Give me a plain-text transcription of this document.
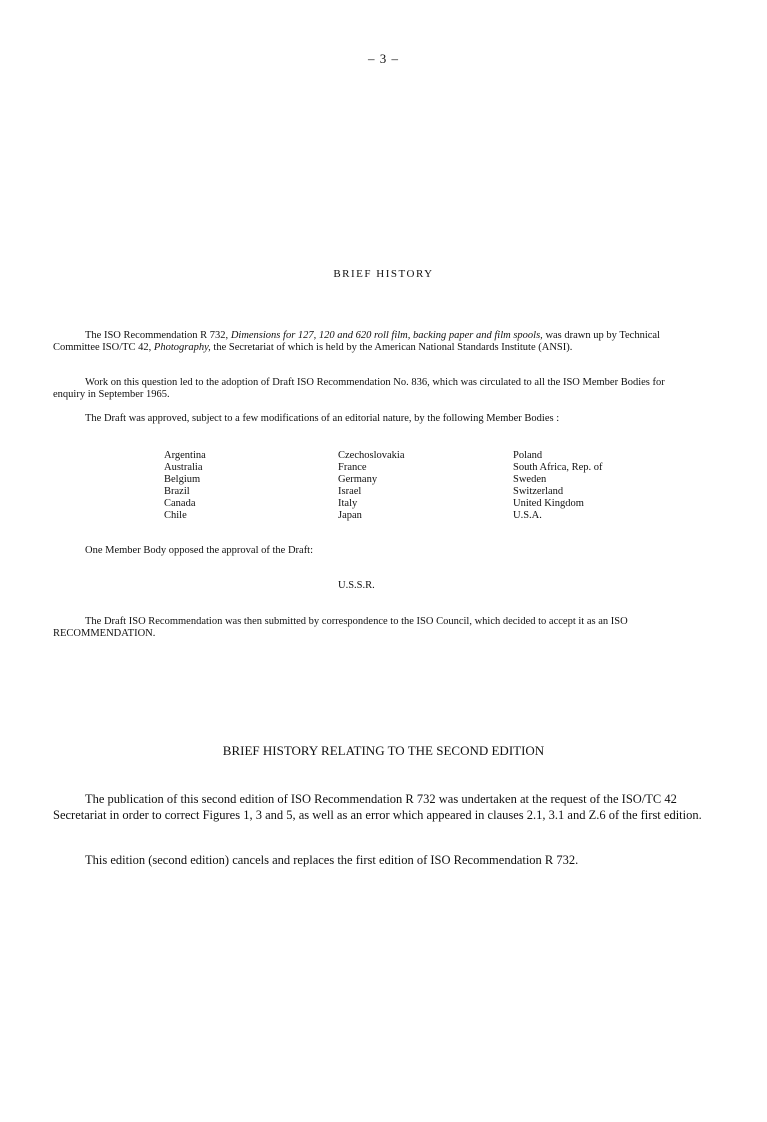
– 3 –
BRIEF HISTORY

The ISO Recommendation R 732, Dimensions for 127, 120 and 620 roll film, backing paper and film spools, was drawn up by Technical Committee ISO/TC 42, Photography, the Secretariat of which is held by the American National Standards Institute (ANSI).

Work on this question led to the adoption of Draft ISO Recommendation No. 836, which was circulated to all the ISO Member Bodies for enquiry in September 1965.

The Draft was approved, subject to a few modifications of an editorial nature, by the following Member Bodies :

Argentina
Australia
Belgium
Brazil
Canada
Chile
Czechoslovakia
France
Germany
Israel
Italy
Japan
Poland
South Africa, Rep. of
Sweden
Switzerland
United Kingdom
U.S.A.

One Member Body opposed the approval of the Draft:

U.S.S.R.

The Draft ISO Recommendation was then submitted by correspondence to the ISO Council, which decided to accept it as an ISO RECOMMENDATION.

BRIEF HISTORY RELATING TO THE SECOND EDITION

The publication of this second edition of ISO Recommendation R 732 was undertaken at the request of the ISO/TC 42 Secretariat in order to correct Figures 1, 3 and 5, as well as an error which appeared in clauses 2.1, 3.1 and Z.6 of the first edition.

This edition (second edition) cancels and replaces the first edition of ISO Recommendation R 732.
